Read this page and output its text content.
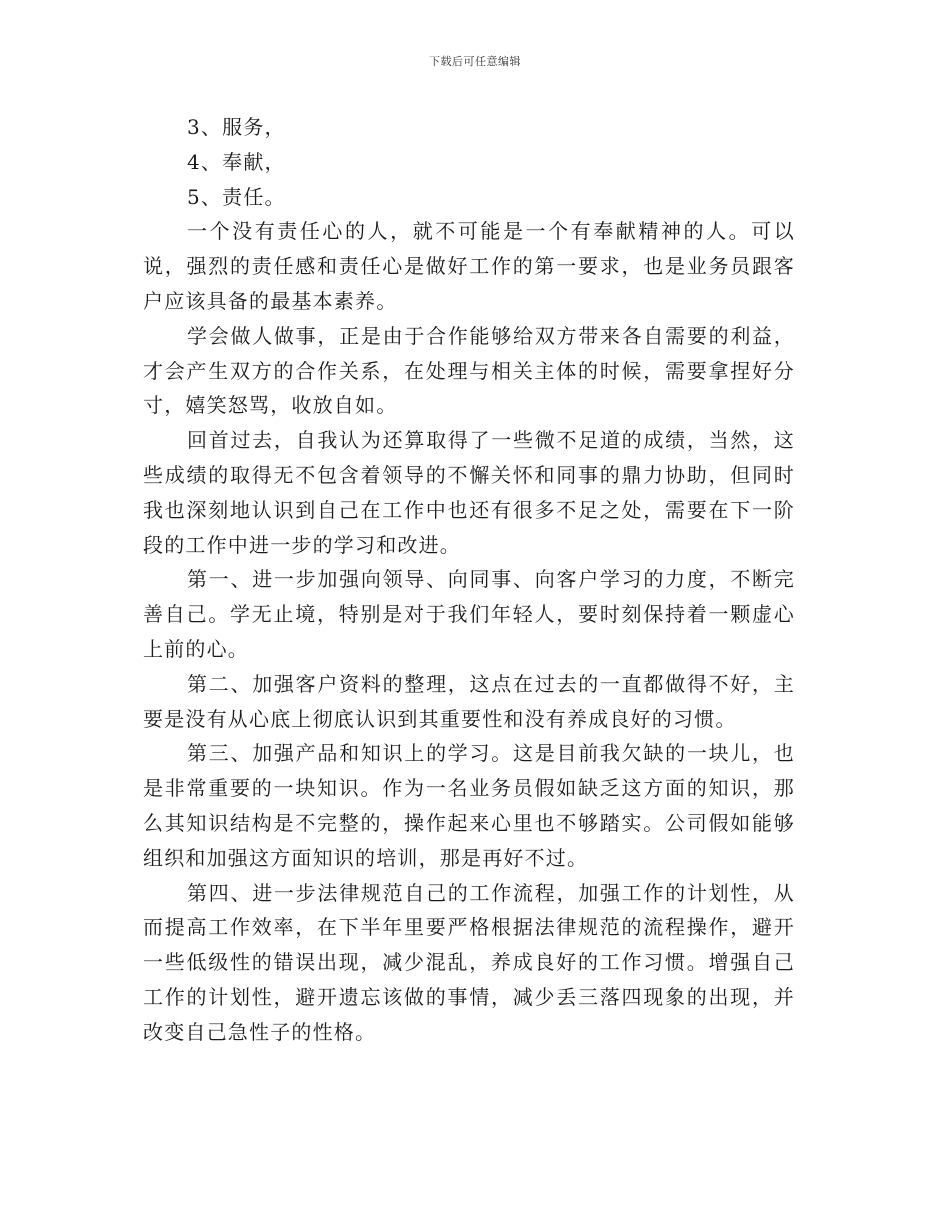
下载后可任意编辑

3、服务，

4、奉献，

5、责任。

一个没有责任心的人，就不可能是一个有奉献精神的人。可以说，强烈的责任感和责任心是做好工作的第一要求，也是业务员跟客户应该具备的最基本素养。

学会做人做事，正是由于合作能够给双方带来各自需要的利益，才会产生双方的合作关系，在处理与相关主体的时候，需要拿捏好分寸，嬉笑怒骂，收放自如。

回首过去，自我认为还算取得了一些微不足道的成绩，当然，这些成绩的取得无不包含着领导的不懈关怀和同事的鼎力协助，但同时我也深刻地认识到自己在工作中也还有很多不足之处，需要在下一阶段的工作中进一步的学习和改进。

第一、进一步加强向领导、向同事、向客户学习的力度，不断完善自己。学无止境，特别是对于我们年轻人，要时刻保持着一颗虚心上前的心。

第二、加强客户资料的整理，这点在过去的一直都做得不好，主要是没有从心底上彻底认识到其重要性和没有养成良好的习惯。

第三、加强产品和知识上的学习。这是目前我欠缺的一块儿，也是非常重要的一块知识。作为一名业务员假如缺乏这方面的知识，那么其知识结构是不完整的，操作起来心里也不够踏实。公司假如能够组织和加强这方面知识的培训，那是再好不过。

第四、进一步法律规范自己的工作流程，加强工作的计划性，从而提高工作效率，在下半年里要严格根据法律规范的流程操作，避开一些低级性的错误出现，减少混乱，养成良好的工作习惯。增强自己工作的计划性，避开遗忘该做的事情，减少丢三落四现象的出现，并改变自己急性子的性格。
